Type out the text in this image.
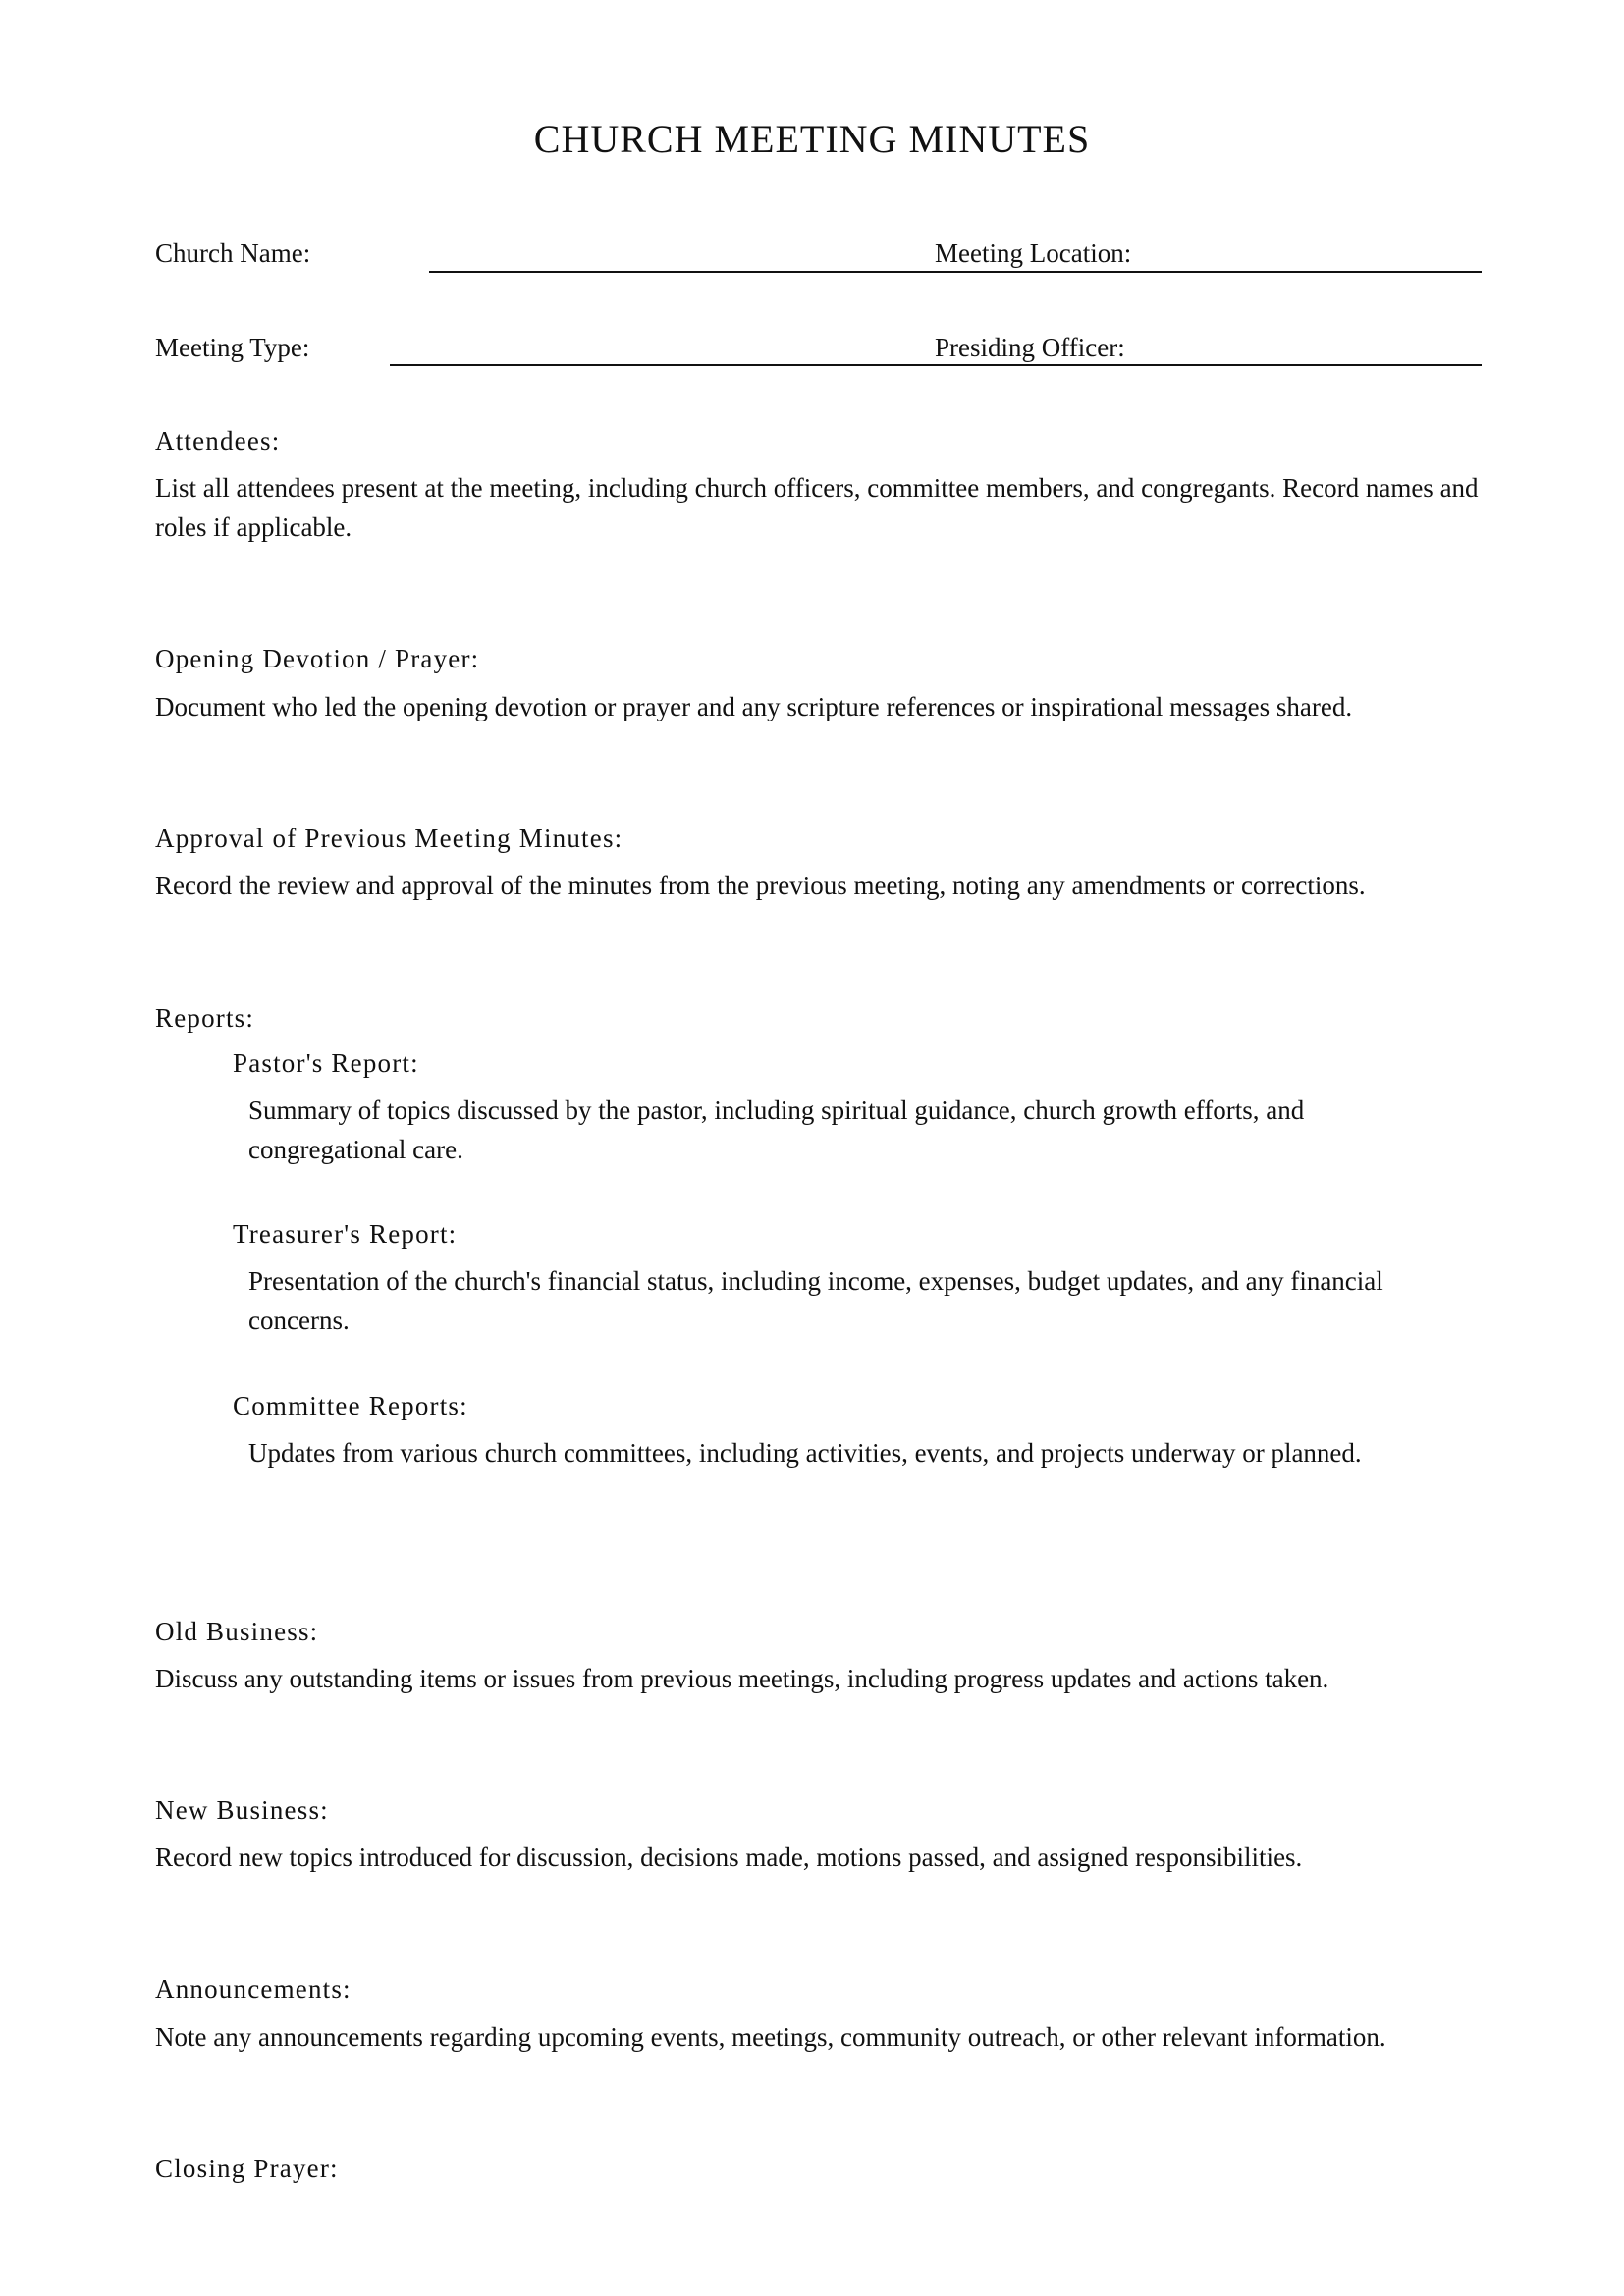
CHURCH MEETING MINUTES
Church Name:	Meeting Location:
Meeting Type:	Presiding Officer:
Attendees:
List all attendees present at the meeting, including church officers, committee members, and congregants. Record names and roles if applicable.
Opening Devotion / Prayer:
Document who led the opening devotion or prayer and any scripture references or inspirational messages shared.
Approval of Previous Meeting Minutes:
Record the review and approval of the minutes from the previous meeting, noting any amendments or corrections.
Reports:
Pastor's Report:
Summary of topics discussed by the pastor, including spiritual guidance, church growth efforts, and congregational care.
Treasurer's Report:
Presentation of the church's financial status, including income, expenses, budget updates, and any financial concerns.
Committee Reports:
Updates from various church committees, including activities, events, and projects underway or planned.
Old Business:
Discuss any outstanding items or issues from previous meetings, including progress updates and actions taken.
New Business:
Record new topics introduced for discussion, decisions made, motions passed, and assigned responsibilities.
Announcements:
Note any announcements regarding upcoming events, meetings, community outreach, or other relevant information.
Closing Prayer:
